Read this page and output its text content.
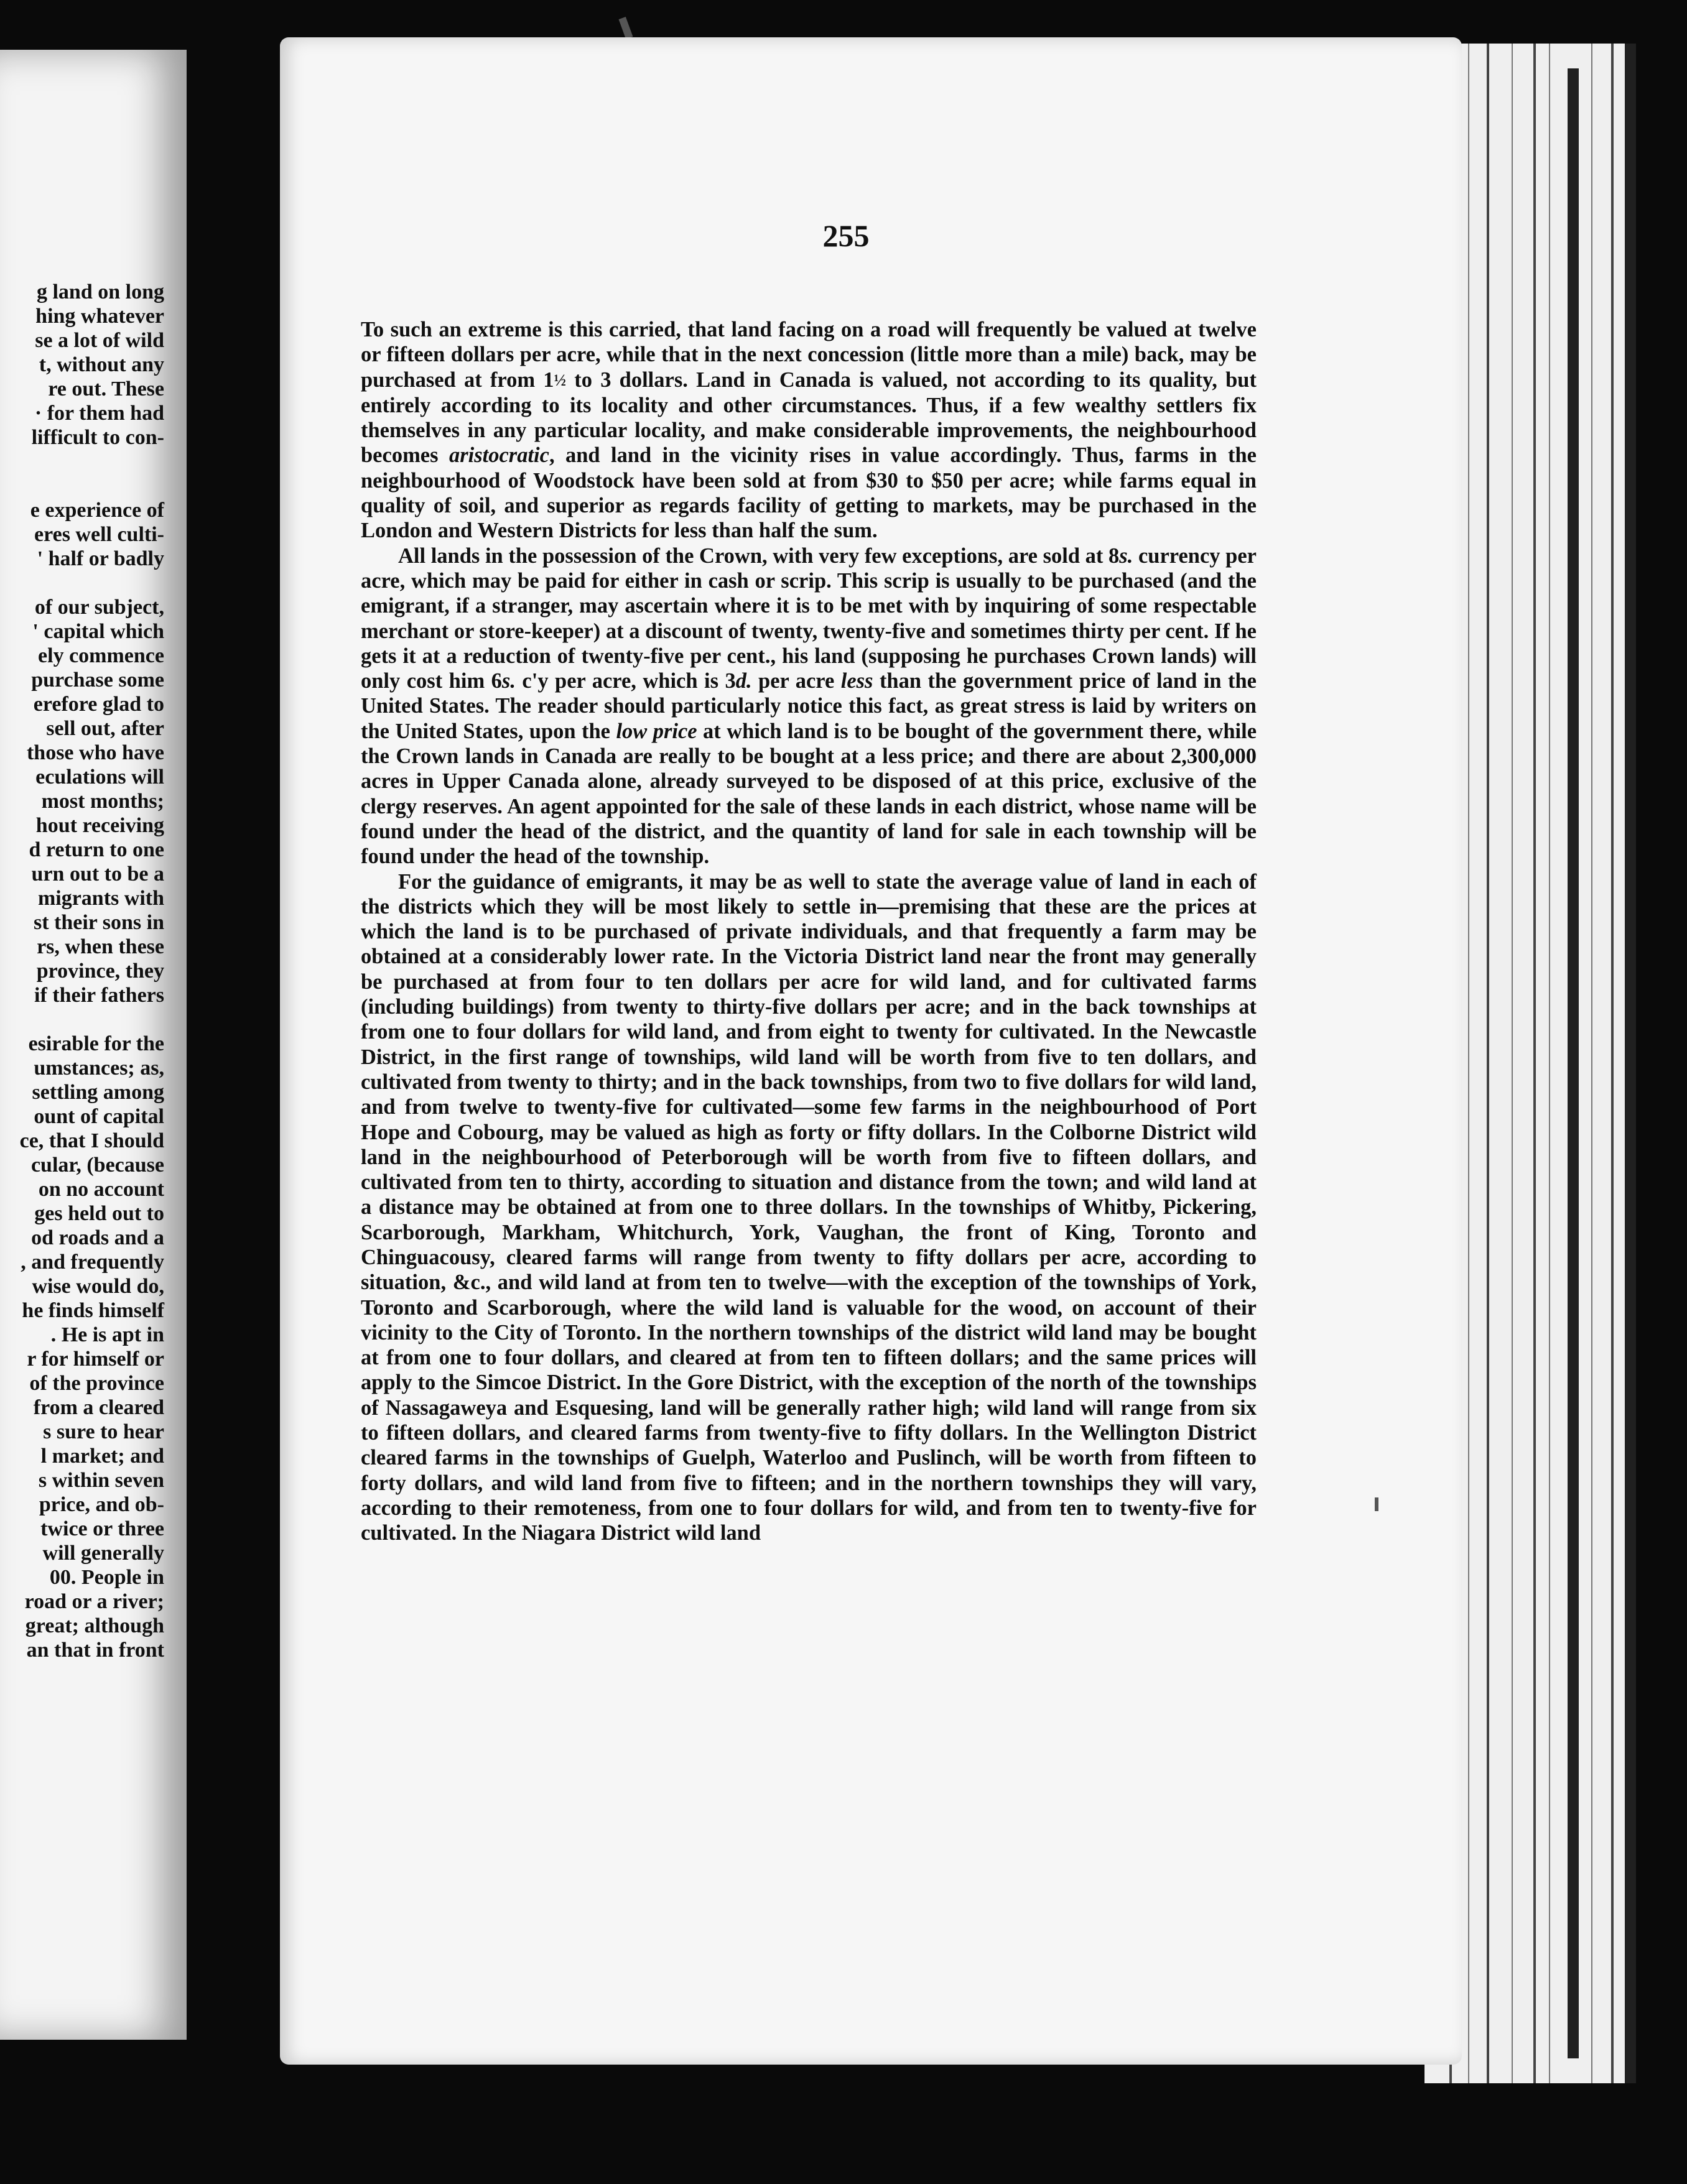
g land on long
hing whatever
se a lot of wild
t, without any
re out. These
· for them had
lifficult to con-

e experience of
eres well culti-
' half or badly

of our subject,
' capital which
ely commence
purchase some
erefore glad to
sell out, after
those who have
eculations will
most months;
hout receiving
d return to one
urn out to be a
migrants with
st their sons in
rs, when these
province, they
if their fathers

esirable for the
umstances; as,
settling among
ount of capital
ce, that I should
cular, (because
on no account
ges held out to
od roads and a
, and frequently
wise would do,
he finds himself
. He is apt in
r for himself or
of the province
from a cleared
s sure to hear
l market; and
s within seven
price, and ob-
twice or three
will generally
00. People in
road or a river;
great; although
an that in front
255

To such an extreme is this carried, that land facing on a road will frequently be valued at twelve or fifteen dollars per acre, while that in the next concession (little more than a mile) back, may be purchased at from 1½ to 3 dollars. Land in Canada is valued, not according to its quality, but entirely according to its locality and other circumstances. Thus, if a few wealthy settlers fix themselves in any particular locality, and make considerable improvements, the neighbourhood becomes aristocratic, and land in the vicinity rises in value accordingly. Thus, farms in the neighbourhood of Woodstock have been sold at from $30 to $50 per acre; while farms equal in quality of soil, and superior as regards facility of getting to markets, may be purchased in the London and Western Districts for less than half the sum.

All lands in the possession of the Crown, with very few exceptions, are sold at 8s. currency per acre, which may be paid for either in cash or scrip. This scrip is usually to be purchased (and the emigrant, if a stranger, may ascertain where it is to be met with by inquiring of some respectable merchant or store-keeper) at a discount of twenty, twenty-five and sometimes thirty per cent. If he gets it at a reduction of twenty-five per cent., his land (supposing he purchases Crown lands) will only cost him 6s. c'y per acre, which is 3d. per acre less than the government price of land in the United States. The reader should particularly notice this fact, as great stress is laid by writers on the United States, upon the low price at which land is to be bought of the government there, while the Crown lands in Canada are really to be bought at a less price; and there are about 2,300,000 acres in Upper Canada alone, already surveyed to be disposed of at this price, exclusive of the clergy reserves. An agent appointed for the sale of these lands in each district, whose name will be found under the head of the district, and the quantity of land for sale in each township will be found under the head of the township.

For the guidance of emigrants, it may be as well to state the average value of land in each of the districts which they will be most likely to settle in—premising that these are the prices at which the land is to be purchased of private individuals, and that frequently a farm may be obtained at a considerably lower rate. In the Victoria District land near the front may generally be purchased at from four to ten dollars per acre for wild land, and for cultivated farms (including buildings) from twenty to thirty-five dollars per acre; and in the back townships at from one to four dollars for wild land, and from eight to twenty for cultivated. In the Newcastle District, in the first range of townships, wild land will be worth from five to ten dollars, and cultivated from twenty to thirty; and in the back townships, from two to five dollars for wild land, and from twelve to twenty-five for cultivated—some few farms in the neighbourhood of Port Hope and Cobourg, may be valued as high as forty or fifty dollars. In the Colborne District wild land in the neighbourhood of Peterborough will be worth from five to fifteen dollars, and cultivated from ten to thirty, according to situation and distance from the town; and wild land at a distance may be obtained at from one to three dollars. In the townships of Whitby, Pickering, Scarborough, Markham, Whitchurch, York, Vaughan, the front of King, Toronto and Chinguacousy, cleared farms will range from twenty to fifty dollars per acre, according to situation, &c., and wild land at from ten to twelve—with the exception of the townships of York, Toronto and Scarborough, where the wild land is valuable for the wood, on account of their vicinity to the City of Toronto. In the northern townships of the district wild land may be bought at from one to four dollars, and cleared at from ten to fifteen dollars; and the same prices will apply to the Simcoe District. In the Gore District, with the exception of the north of the townships of Nassagaweya and Esquesing, land will be generally rather high; wild land will range from six to fifteen dollars, and cleared farms from twenty-five to fifty dollars. In the Wellington District cleared farms in the townships of Guelph, Waterloo and Puslinch, will be worth from fifteen to forty dollars, and wild land from five to fifteen; and in the northern townships they will vary, according to their remoteness, from one to four dollars for wild, and from ten to twenty-five for cultivated. In the Niagara District wild land
